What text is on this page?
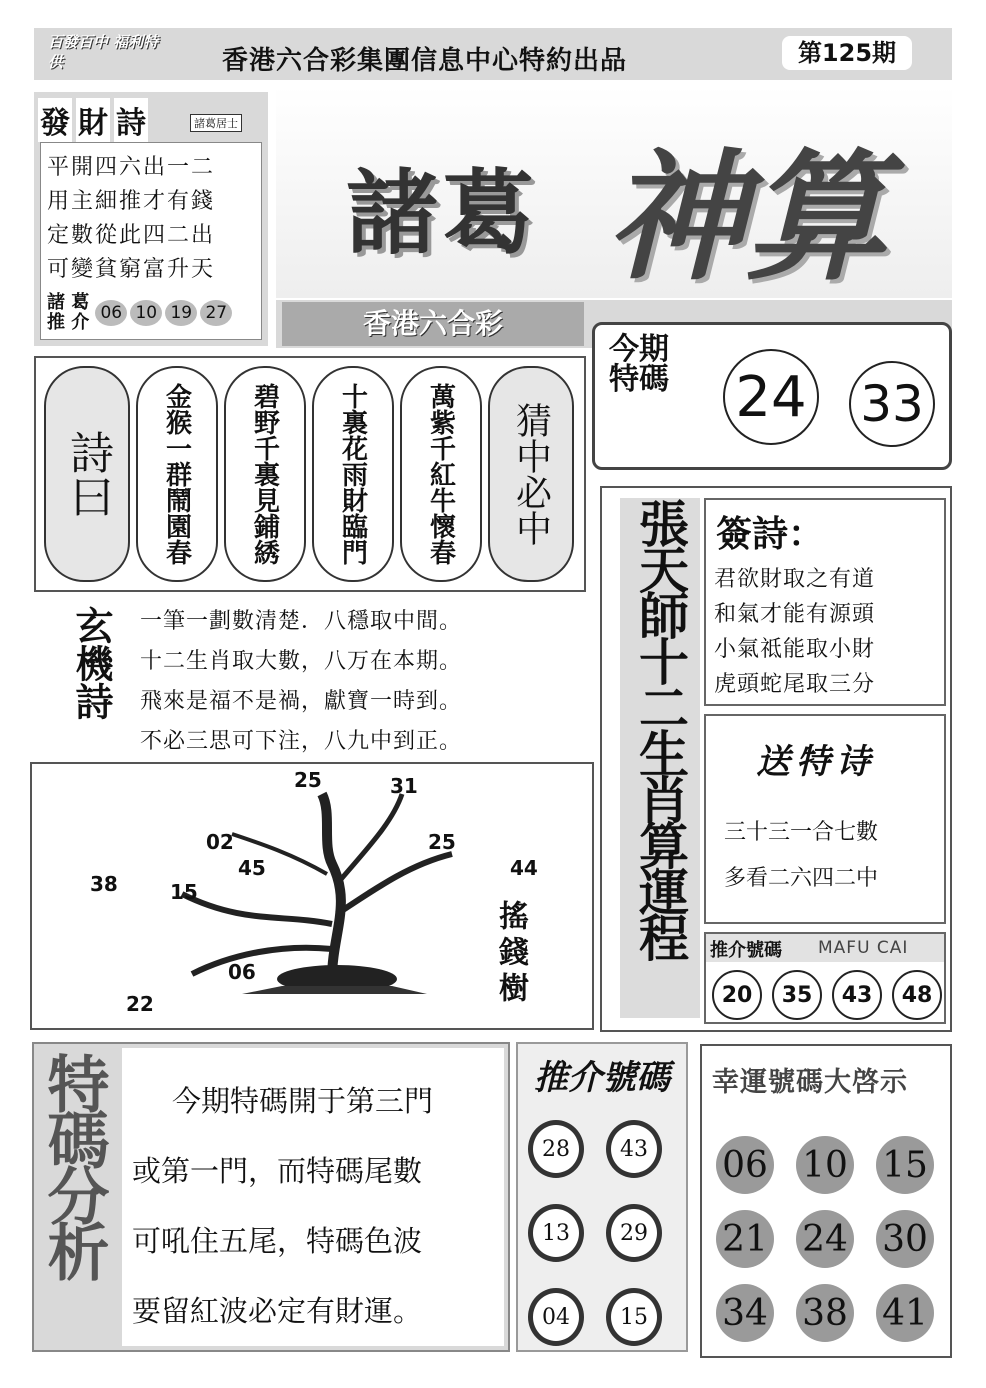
百發百中 福利特供	香港六合彩集團信息中心特約出品	第125期
發 財 詩	諸葛居士
平開四六出一二
用主細推才有錢
定數從此四二出
可變貧窮富升天
諸 葛
推 介 06 10 19 27
諸葛 神算
香港六合彩
今期特碼 24 33
詩曰	金猴一群鬧園春	碧野千裏見鋪綉	十裏花雨財臨門	萬紫千紅牛懷春	猜中必中
玄機詩 一筆一劃數清楚．八穩取中間。
十二生肖取大數，八万在本期。
飛來是福不是禍，獻寶一時到。
不必三思可下注，八九中到正。
25	31
02
45
25
44
38	15
06
22	搖錢樹 張天師十二生肖算運程 簽詩：
君欲財取之有道
和氣才能有源頭
小氣祗能取小財
虎頭蛇尾取三分
送特诗
三十三一合七數
多看二六四二中
推介號碼 MAFU CAI
20	35	43	48
特碼分析	今期特碼開于第三門
或第一門，而特碼尾數
可吼住五尾，特碼色波
要留紅波必定有財運。
推介號碼
28	43
13	29
04	15
幸運號碼大啓示
06 10 15
21 24 30
34 38 41
